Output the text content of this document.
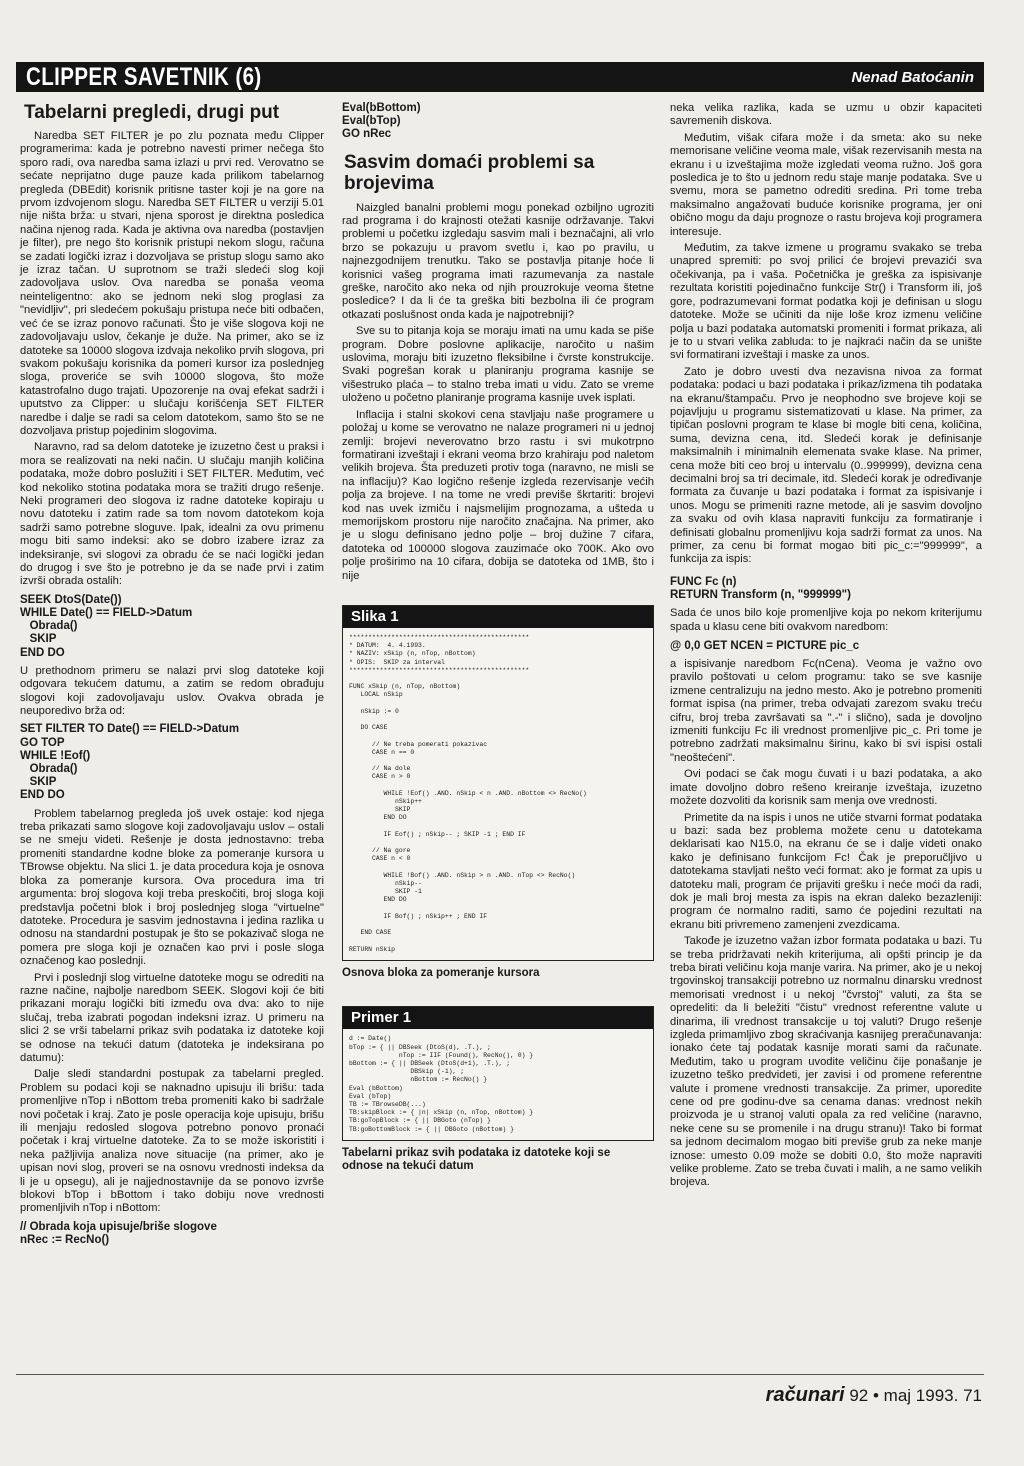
CLIPPER SAVETNIK (6)	Nenad Batoćanin
Tabelarni pregledi, drugi put

Naredba SET FILTER je po zlu poznata među Clipper programerima: kada je potrebno navesti primer nečega što sporo radi, ova naredba sama izlazi u prvi red. Verovatno se sećate neprijatno duge pauze kada prilikom tabelarnog pregleda (DBEdit) korisnik pritisne taster koji je na gore na prvom izdvojenom slogu. Naredba SET FILTER u verziji 5.01 nije ništa brža: u stvari, njena sporost je direktna posledica načina njenog rada. Kada je aktivna ova naredba (postavljen je filter), pre nego što korisnik pristupi nekom slogu, računa se zadati logički izraz i dozvoljava se pristup slogu samo ako je izraz tačan. U suprotnom se traži sledeći slog koji zadovoljava uslov. Ova naredba se ponaša veoma neinteligentno: ako se jednom neki slog proglasi za "nevidljiv", pri sledećem pokušaju pristupa neće biti odbačen, već će se izraz ponovo računati. Što je više slogova koji ne zadovoljavaju uslov, čekanje je duže. Na primer, ako se iz datoteke sa 10000 slogova izdvaja nekoliko prvih slogova, pri svakom pokušaju korisnika da pomeri kursor iza poslednjeg sloga, proveriće se svih 10000 slogova, što može katastrofalno dugo trajati. Upozorenje na ovaj efekat sadrži i uputstvo za Clipper: u slučaju korišćenja SET FILTER naredbe i dalje se radi sa celom datotekom, samo što se ne dozvoljava pristup pojedinim slogovima.

Naravno, rad sa delom datoteke je izuzetno čest u praksi i mora se realizovati na neki način. U slučaju manjih količina podataka, može dobro poslužiti i SET FILTER. Međutim, već kod nekoliko stotina podataka mora se tražiti drugo rešenje. Neki programeri deo slogova iz radne datoteke kopiraju u novu datoteku i zatim rade sa tom novom datotekom koja sadrži samo potrebne sloguve. Ipak, idealni za ovu primenu mogu biti samo indeksi: ako se dobro izabere izraz za indeksiranje, svi slogovi za obradu će se naći logički jedan do drugog i sve što je potrebno je da se nađe prvi i zatim izvrši obrada ostalih:

SEEK DtoS(Date())
WHILE Date() == FIELD->Datum
Obrada()
SKIP
END DO

U prethodnom primeru se nalazi prvi slog datoteke koji odgovara tekućem datumu, a zatim se redom obrađuju slogovi koji zadovoljavaju uslov. Ovakva obrada je neuporedivo brža od:

SET FILTER TO Date() == FIELD->Datum
GO TOP
WHILE !Eof()
Obrada()
SKIP
END DO

Problem tabelarnog pregleda još uvek ostaje: kod njega treba prikazati samo slogove koji zadovoljavaju uslov – ostali se ne smeju videti. Rešenje je dosta jednostavno: treba promeniti standardne kodne bloke za pomeranje kursora u TBrowse objektu. Na slici 1. je data procedura koja je osnova bloka za pomeranje kursora. Ova procedura ima tri argumenta: broj slogova koji treba preskočiti, broj sloga koji predstavlja početni blok i broj poslednjeg sloga "virtuelne" datoteke. Procedura je sasvim jednostavna i jedina razlika u odnosu na standardni postupak je što se pokazivač sloga ne pomera pre sloga koji je označen kao prvi i posle sloga označenog kao poslednji.

Prvi i poslednji slog virtuelne datoteke mogu se odrediti na razne načine, najbolje naredbom SEEK. Slogovi koji će biti prikazani moraju logički biti između ova dva: ako to nije slučaj, treba izabrati pogodan indeksni izraz. U primeru na slici 2 se vrši tabelarni prikaz svih podataka iz datoteke koji se odnose na tekući datum (datoteka je indeksirana po datumu):

Dalje sledi standardni postupak za tabelarni pregled. Problem su podaci koji se naknadno upisuju ili brišu: tada promenljive nTop i nBottom treba promeniti kako bi sadržale novi početak i kraj. Zato je posle operacija koje upisuju, brišu ili menjaju redosled slogova potrebno ponovo pronaći početak i kraj virtuelne datoteke. Za to se može iskoristiti i neka pažljivija analiza nove situacije (na primer, ako je upisan novi slog, proveri se na osnovu vrednosti indeksa da li je u opsegu), ali je najjednostavnije da se ponovo izvrše blokovi bTop i bBottom i tako dobiju nove vrednosti promenljivih nTop i nBottom:

// Obrada koja upisuje/briše slogove
nRec := RecNo()
Eval(bBottom)
Eval(bTop)
GO nRec
Sasvim domaći problemi sa brojevima

Naizgled banalni problemi mogu ponekad ozbiljno ugroziti rad programa i do krajnosti otežati kasnije održavanje. Takvi problemi u početku izgledaju sasvim mali i beznačajni, ali vrlo brzo se pokazuju u pravom svetlu i, kao po pravilu, u najnezgodnijem trenutku. Tako se postavlja pitanje hoće li korisnici vašeg programa imati razumevanja za nastale greške, naročito ako neka od njih prouzrokuje veoma štetne posledice? I da li će ta greška biti bezbolna ili će program otkazati poslušnost onda kada je najpotrebniji?

Sve su to pitanja koja se moraju imati na umu kada se piše program. Dobre poslovne aplikacije, naročito u našim uslovima, moraju biti izuzetno fleksibilne i čvrste konstrukcije. Svaki pogrešan korak u planiranju programa kasnije se višestruko plaća – to stalno treba imati u vidu. Zato se vreme uloženo u početno planiranje programa kasnije uvek isplati.

Inflacija i stalni skokovi cena stavljaju naše programere u položaj u kome se verovatno ne nalaze programeri ni u jednoj zemlji: brojevi neverovatno brzo rastu i svi mukotrpno formatirani izveštaji i ekrani veoma brzo krahiraju pod naletom velikih brojeva. Šta preduzeti protiv toga (naravno, ne misli se na inflaciju)? Kao logično rešenje izgleda rezervisanje većih polja za brojeve. I na tome ne vredi previše škrtariti: brojevi kod nas uvek izmiču i najsmelijim prognozama, a ušteda u memorijskom prostoru nije naročito značajna. Na primer, ako je u slogu definisano jedno polje – broj dužine 7 cifara, datoteka od 100000 slogova zauzimaće oko 700K. Ako ovo polje proširimo na 10 cifara, dobija se datoteka od 1MB, što i nije

Slika 1
***********************************************
* DATUM:  4. 4.1993.
* NAZIV: xSkip (n, nTop, nBottom)
* OPIS:  SKIP za interval
***********************************************

FUNC xSkip (n, nTop, nBottom)
LOCAL nSkip

nSkip := 0

DO CASE

// Ne treba pomerati pokazivac
CASE n == 0

// Na dole
CASE n > 0

WHILE !Eof() .AND. nSkip < n .AND. nBottom <> RecNo()
nSkip++
SKIP
END DO

IF Eof() ; nSkip-- ; SKIP -1 ; END IF

// Na gore
CASE n < 0

WHILE !Bof() .AND. nSkip > n .AND. nTop <> RecNo()
nSkip--
SKIP -1
END DO

IF Bof() ; nSkip++ ; END IF

END CASE

RETURN nSkip
Osnova bloka za pomeranje kursora
Primer 1
d := Date()
bTop := { || DBSeek (DtoS(d), .T.), ;
nTop := IIF (Found(), RecNo(), 0) }
bBottom := { || DBSeek (DtoS(d+1), .T.), ;
DBSkip (-1), ;
nBottom := RecNo() }
Eval (bBottom)
Eval (bTop)
TB := TBrowseDB(...)
TB:skipBlock := { |n| xSkip (n, nTop, nBottom) }
TB:goTopBlock := { || DBGoto (nTop) }
TB:goBottomBlock := { || DBGoto (nBottom) }
Tabelarni prikaz svih podataka iz datoteke koji se odnose na tekući datum

neka velika razlika, kada se uzmu u obzir kapaciteti savremenih diskova.

Međutim, višak cifara može i da smeta: ako su neke memorisane veličine veoma male, višak rezervisanih mesta na ekranu i u izveštajima može izgledati veoma ružno. Još gora posledica je to što u jednom redu staje manje podataka. Sve u svemu, mora se pametno odrediti sredina. Pri tome treba maksimalno angažovati buduće korisnike programa, jer oni obično mogu da daju prognoze o rastu brojeva koji programera interesuje.

Međutim, za takve izmene u programu svakako se treba unapred spremiti: po svoj prilici će brojevi prevazići sva očekivanja, pa i vaša. Početnička je greška za ispisivanje rezultata koristiti pojedinačno funkcije Str() i Transform ili, još gore, podrazumevani format podatka koji je definisan u slogu datoteke. Može se učiniti da nije lošе kroz izmenu veličine polja u bazi podataka automatski promeniti i format prikaza, ali je to u stvari velika zabluda: to je najkraći način da se unište svi formatirani izveštaji i maske za unos.

Zato je dobro uvesti dva nezavisna nivoa za format podataka: podaci u bazi podataka i prikaz/izmena tih podataka na ekranu/štampaču. Prvo je neophodno sve brojeve koji se pojavljuju u programu sistematizovati u klase. Na primer, za tipičan poslovni program te klase bi mogle biti cena, količina, suma, devizna cena, itd. Sledeći korak je definisanje maksimalnih i minimalnih elemenata svake klase. Na primer, cena može biti ceo broj u intervalu (0..999999), devizna cena decimalni broj sa tri decimale, itd. Sledeći korak je određivanje formata za čuvanje u bazi podataka i format za ispisivanje i unos. Mogu se primeniti razne metode, ali je sasvim dovoljno za svaku od ovih klasa napraviti funkciju za formatiranje i definisati globalnu promenljivu koja sadrži format za unos. Na primer, za cenu bi format mogao biti pic_c:="999999", a funkcija za ispis:

FUNC Fc (n)
RETURN Transform (n, "999999")

Sada će unos bilo koje promenljive koja po nekom kriterijumu spada u klasu cene biti ovakvom naredbom:

@ 0,0 GET NCEN = PICTURE pic_c

a ispisivanje naredbom Fc(nCena). Veoma je važno ovo pravilo poštovati u celom programu: tako se sve kasnije izmene centralizuju na jedno mesto. Ako je potrebno promeniti format ispisa (na primer, treba odvajati zarezom svaku treću cifru, broj treba završavati sa ".-" i slično), sada je dovoljno izmeniti funkciju Fc ili vrednost promenljive pic_c. Pri tome je potrebno zadržati maksimalnu širinu, kako bi svi ispisi ostali "neoštećeni".

Ovi podaci se čak mogu čuvati i u bazi podataka, a ako imate dovoljno dobro rešeno kreiranje izveštaja, izuzetno možete dozvoliti da korisnik sam menja ove vrednosti.

Primetite da na ispis i unos ne utiče stvarni format podataka u bazi: sada bez problema možete cenu u datotekama deklarisati kao N15.0, na ekranu će se i dalje videti onako kako je definisano funkcijom Fc! Čak je preporučljivo u datotekama stavljati nešto veći format: ako je format za upis u datoteku mali, program će prijaviti grešku i neće moći da radi, dok je mali broj mesta za ispis na ekran daleko bezazleniji: program će normalno raditi, samo će pojedini rezultati na ekranu biti privremeno zamenjeni zvezdicama.

Takođe je izuzetno važan izbor formata podataka u bazi. Tu se treba pridržavati nekih kriterijuma, ali opšti princip je da treba birati veličinu koja manje varira. Na primer, ako je u nekoj trgovinskoj transakciji potrebno uz normalnu dinarsku vrednost memorisati vrednost i u nekoj "čvrstoj" valuti, za šta se opredeliti: da li beležiti "čistu" vrednost referentne valute u dinarima, ili vrednost transakcije u toj valuti? Drugo rešenje izgleda primamljivo zbog skraćivanja kasnijeg preračunavanja: ionako ćete taj podatak kasnije morati sami da računate. Međutim, tako u program uvodite veličinu čije ponašanje je izuzetno teško predvideti, jer zavisi i od promene referentne valute i promene vrednosti transakcije. Za primer, uporedite cene od pre godinu-dve sa cenama danas: vrednost nekih proizvoda je u stranoj valuti opala za red veličine (naravno, neke cene su se promenile i na drugu stranu)! Tako bi format sa jednom decimalom mogao biti previše grub za neke manje iznose: umesto 0.09 može se dobiti 0.0, što može napraviti velike probleme. Zato se treba čuvati i malih, a ne samo velikih brojeva.

računari 92 • maj 1993. 71
